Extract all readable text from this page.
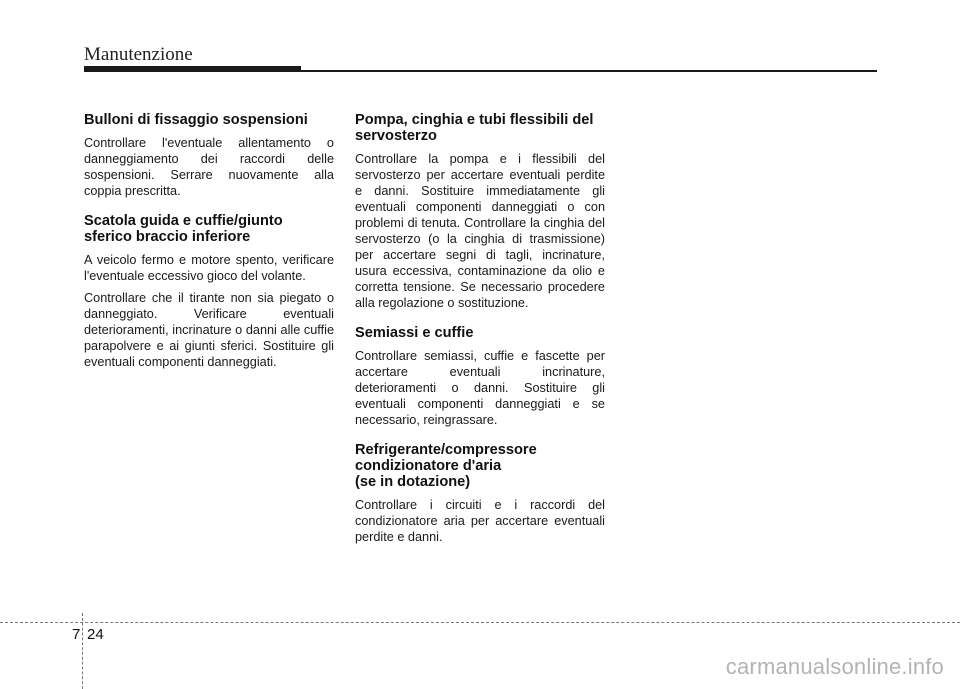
Manutenzione
Bulloni di fissaggio sospensioni

Controllare l'eventuale allentamento o danneggiamento dei raccordi delle sospensioni. Serrare nuovamente alla coppia prescritta.

Scatola guida e cuffie/giunto sferico braccio inferiore

A veicolo fermo e motore spento, verificare l'eventuale eccessivo gioco del volante.

Controllare che il tirante non sia piegato o danneggiato. Verificare eventuali deterioramenti, incrinature o danni alle cuffie parapolvere e ai giunti sferici. Sostituire gli eventuali componenti danneggiati.

Pompa, cinghia e tubi flessibili del servosterzo

Controllare la pompa e i flessibili del servosterzo per accertare eventuali perdite e danni. Sostituire immediatamente gli eventuali componenti danneggiati o con problemi di tenuta. Controllare la cinghia del servosterzo (o la cinghia di trasmissione) per accertare segni di tagli, incrinature, usura eccessiva, contaminazione da olio e corretta tensione. Se necessario procedere alla regolazione o sostituzione.

Semiassi e cuffie

Controllare semiassi, cuffie e fascette per accertare eventuali incrinature, deterioramenti o danni. Sostituire gli eventuali componenti danneggiati e se necessario, reingrassare.

Refrigerante/compressore
condizionatore d'aria
(se in dotazione)

Controllare i circuiti e i raccordi del condizionatore aria per accertare eventuali perdite e danni.

7 24
carmanualsonline.info
